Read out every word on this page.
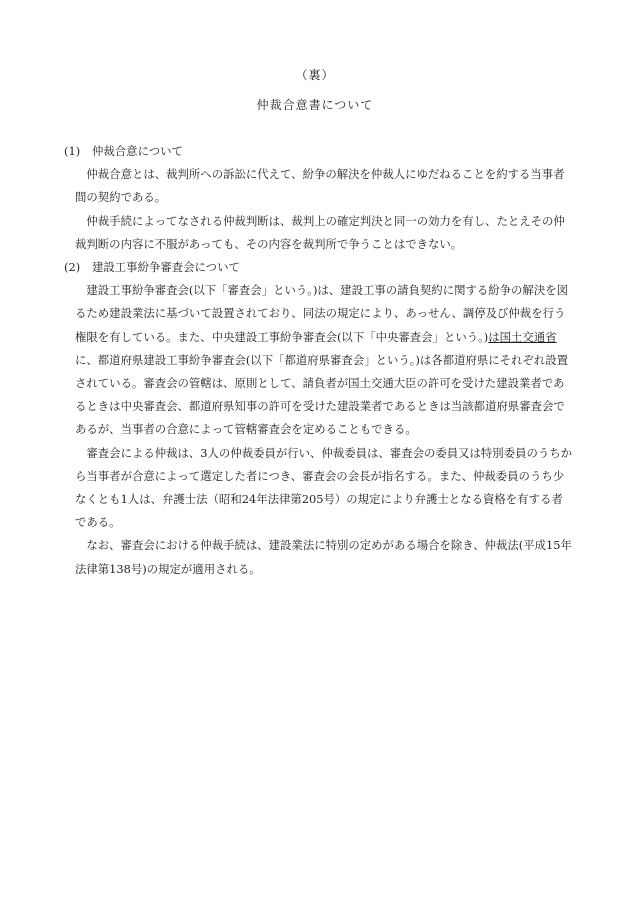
（裏）
仲裁合意書について
(1) 仲裁合意について

仲裁合意とは、裁判所への訴訟に代えて、紛争の解決を仲裁人にゆだねることを約する当事者間の契約である。

仲裁手続によってなされる仲裁判断は、裁判上の確定判決と同一の効力を有し、たとえその仲裁判断の内容に不服があっても、その内容を裁判所で争うことはできない。

(2) 建設工事紛争審査会について

建設工事紛争審査会(以下「審査会」という。)は、建設工事の請負契約に関する紛争の解決を図るため建設業法に基づいて設置されており、同法の規定により、あっせん、調停及び仲裁を行う権限を有している。また、中央建設工事紛争審査会(以下「中央審査会」という。)は国土交通省に、都道府県建設工事紛争審査会(以下「都道府県審査会」という。)は各都道府県にそれぞれ設置されている。審査会の管轄は、原則として、請負者が国土交通大臣の許可を受けた建設業者であるときは中央審査会、都道府県知事の許可を受けた建設業者であるときは当該都道府県審査会であるが、当事者の合意によって管轄審査会を定めることもできる。

審査会による仲裁は、3人の仲裁委員が行い、仲裁委員は、審査会の委員又は特別委員のうちから当事者が合意によって選定した者につき、審査会の会長が指名する。また、仲裁委員のうち少なくとも1人は、弁護士法（昭和24年法律第205号）の規定により弁護士となる資格を有する者である。

なお、審査会における仲裁手続は、建設業法に特別の定めがある場合を除き、仲裁法(平成15年法律第138号)の規定が適用される。
